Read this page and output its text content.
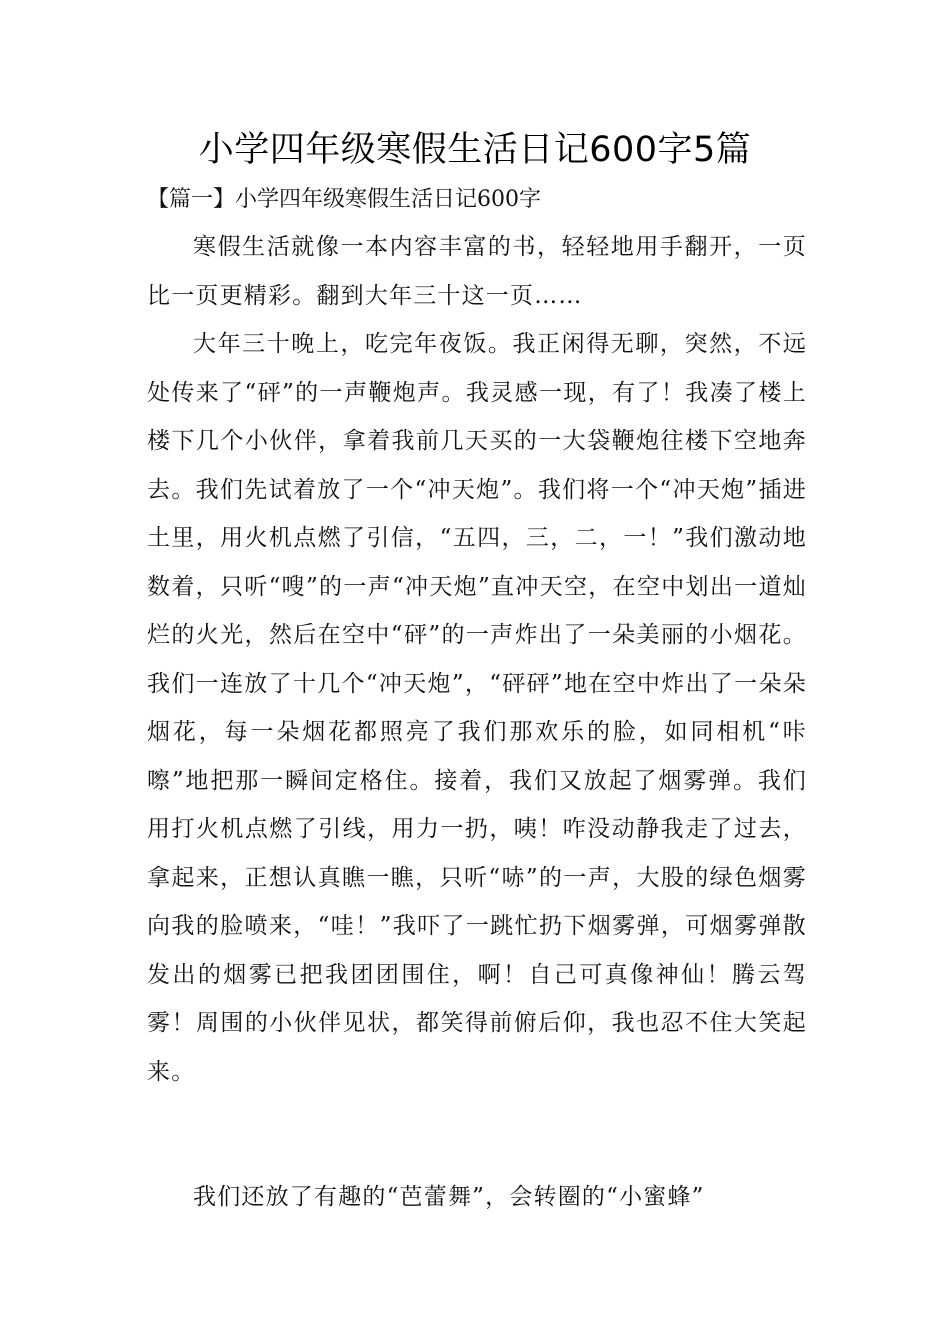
小学四年级寒假生活日记600字5篇
【篇一】小学四年级寒假生活日记600字

寒假生活就像一本内容丰富的书，轻轻地用手翻开，一页比一页更精彩。翻到大年三十这一页……

大年三十晚上，吃完年夜饭。我正闲得无聊，突然，不远处传来了“砰”的一声鞭炮声。我灵感一现，有了！我凑了楼上楼下几个小伙伴，拿着我前几天买的一大袋鞭炮往楼下空地奔去。我们先试着放了一个“冲天炮”。我们将一个“冲天炮”插进土里，用火机点燃了引信，“五四，三，二，一！”我们激动地数着，只听“嗖”的一声“冲天炮”直冲天空，在空中划出一道灿烂的火光，然后在空中“砰”的一声炸出了一朵美丽的小烟花。我们一连放了十几个“冲天炮”，“砰砰”地在空中炸出了一朵朵烟花，每一朵烟花都照亮了我们那欢乐的脸，如同相机“咔嚓”地把那一瞬间定格住。接着，我们又放起了烟雾弹。我们用打火机点燃了引线，用力一扔，咦！咋没动静我走了过去，拿起来，正想认真瞧一瞧，只听“哧”的一声，大股的绿色烟雾向我的脸喷来，“哇！”我吓了一跳忙扔下烟雾弹，可烟雾弹散发出的烟雾已把我团团围住，啊！自己可真像神仙！腾云驾雾！周围的小伙伴见状，都笑得前俯后仰，我也忍不住大笑起来。

我们还放了有趣的“芭蕾舞”，会转圈的“小蜜蜂”
